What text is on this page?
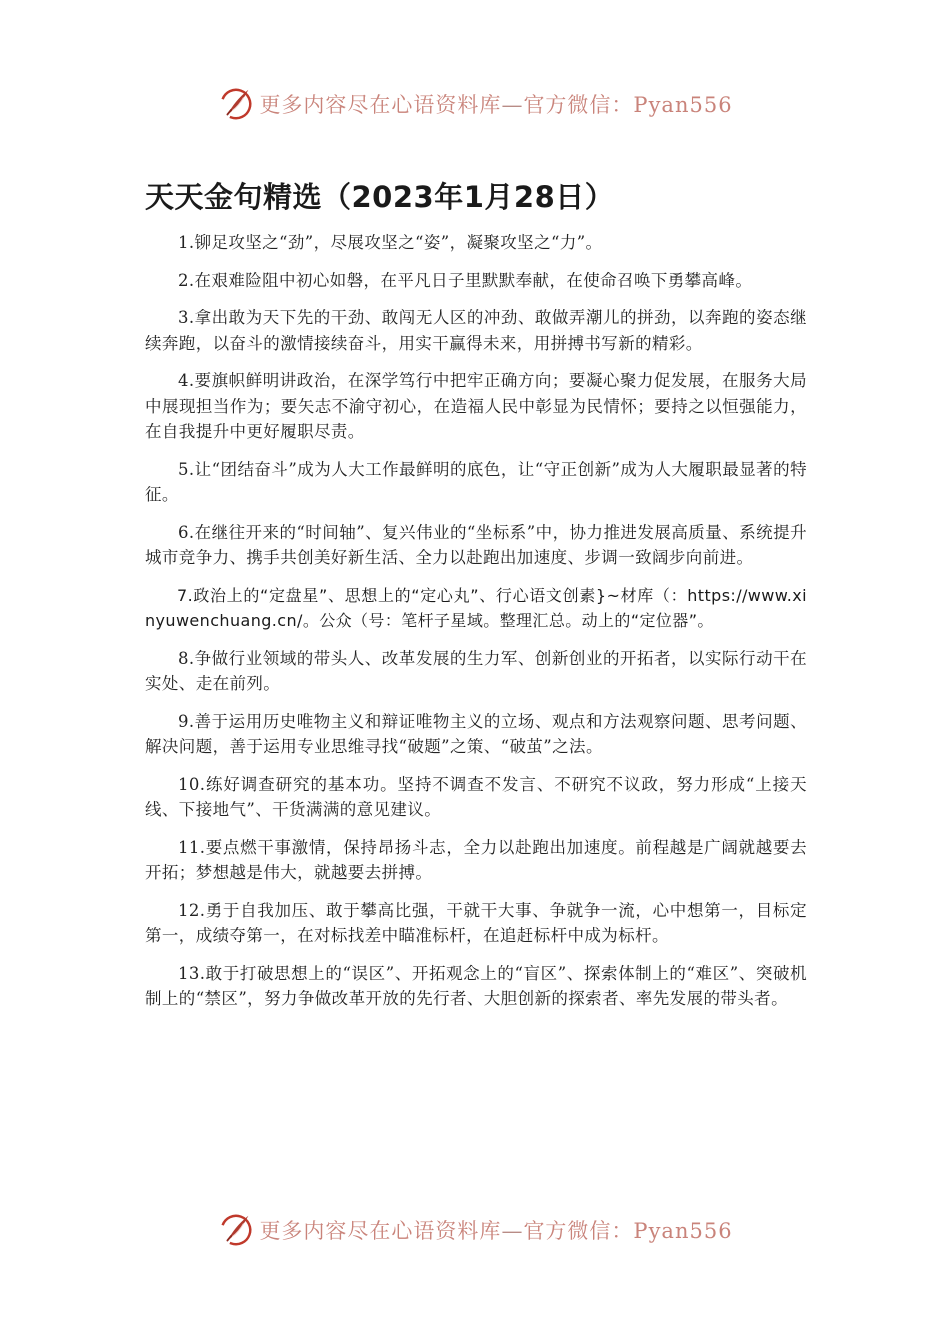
更多内容尽在心语资料库—官方微信：Pyan556
天天金句精选（2023年1月28日）

1.铆足攻坚之“劲”，尽展攻坚之“姿”，凝聚攻坚之“力”。

2.在艰难险阻中初心如磐，在平凡日子里默默奉献，在使命召唤下勇攀高峰。

3.拿出敢为天下先的干劲、敢闯无人区的冲劲、敢做弄潮儿的拼劲，以奔跑的姿态继续奔跑，以奋斗的激情接续奋斗，用实干赢得未来，用拼搏书写新的精彩。

4.要旗帜鲜明讲政治，在深学笃行中把牢正确方向；要凝心聚力促发展，在服务大局中展现担当作为；要矢志不渝守初心，在造福人民中彰显为民情怀；要持之以恒强能力，在自我提升中更好履职尽责。

5.让“团结奋斗”成为人大工作最鲜明的底色，让“守正创新”成为人大履职最显著的特征。

6.在继往开来的“时间轴”、复兴伟业的“坐标系”中，协力推进发展高质量、系统提升城市竞争力、携手共创美好新生活、全力以赴跑出加速度、步调一致阔步向前进。

7.政治上的“定盘星”、思想上的“定心丸”、行心语文创素}~材库（：https://www.xinyuwenchuang.cn/。公众（号：笔杆子星域。整理汇总。动上的“定位器”。

8.争做行业领域的带头人、改革发展的生力军、创新创业的开拓者，以实际行动干在实处、走在前列。

9.善于运用历史唯物主义和辩证唯物主义的立场、观点和方法观察问题、思考问题、解决问题，善于运用专业思维寻找“破题”之策、“破茧”之法。

10.练好调查研究的基本功。坚持不调查不发言、不研究不议政，努力形成“上接天线、下接地气”、干货满满的意见建议。

11.要点燃干事激情，保持昂扬斗志，全力以赴跑出加速度。前程越是广阔就越要去开拓；梦想越是伟大，就越要去拼搏。

12.勇于自我加压、敢于攀高比强，干就干大事、争就争一流，心中想第一，目标定第一，成绩夺第一，在对标找差中瞄准标杆，在追赶标杆中成为标杆。

13.敢于打破思想上的“误区”、开拓观念上的“盲区”、探索体制上的“难区”、突破机制上的“禁区”，努力争做改革开放的先行者、大胆创新的探索者、率先发展的带头者。

更多内容尽在心语资料库—官方微信：Pyan556
